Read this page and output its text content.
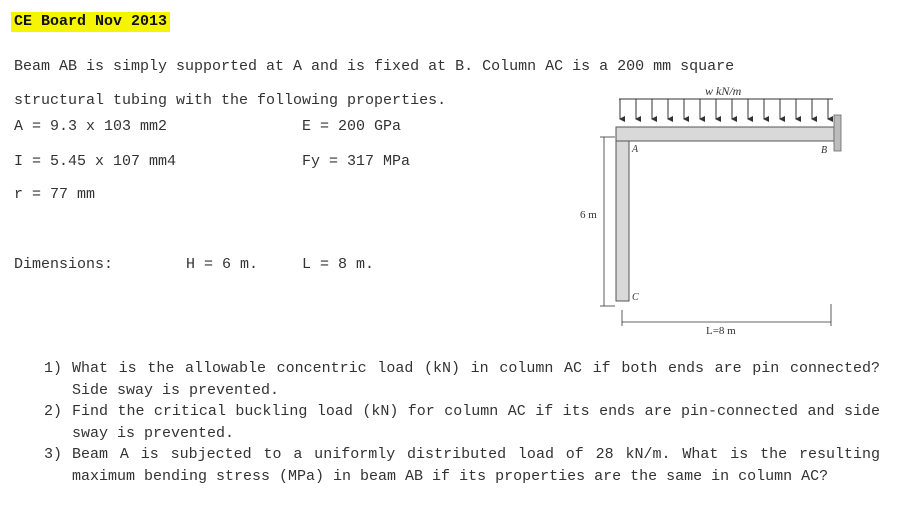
CE Board Nov 2013
Beam AB is simply supported at A and is fixed at B. Column AC is a 200 mm square
structural tubing with the following properties.
A = 9.3 x 103 mm2	E = 200 GPa
I = 5.45 x 107 mm4	Fy = 317 MPa
r = 77 mm
Dimensions:	H = 6 m.	L = 8 m.
w kN/m
A	B
C
6 m
L=8 m
1) What is the allowable concentric load (kN) in column AC if both ends are pin connected? Side sway is prevented.
2) Find the critical buckling load (kN) for column AC if its ends are pin-connected and side sway is prevented.
3) Beam A is subjected to a uniformly distributed load of 28 kN/m. What is the resulting maximum bending stress (MPa) in beam AB if its properties are the same in column AC?
